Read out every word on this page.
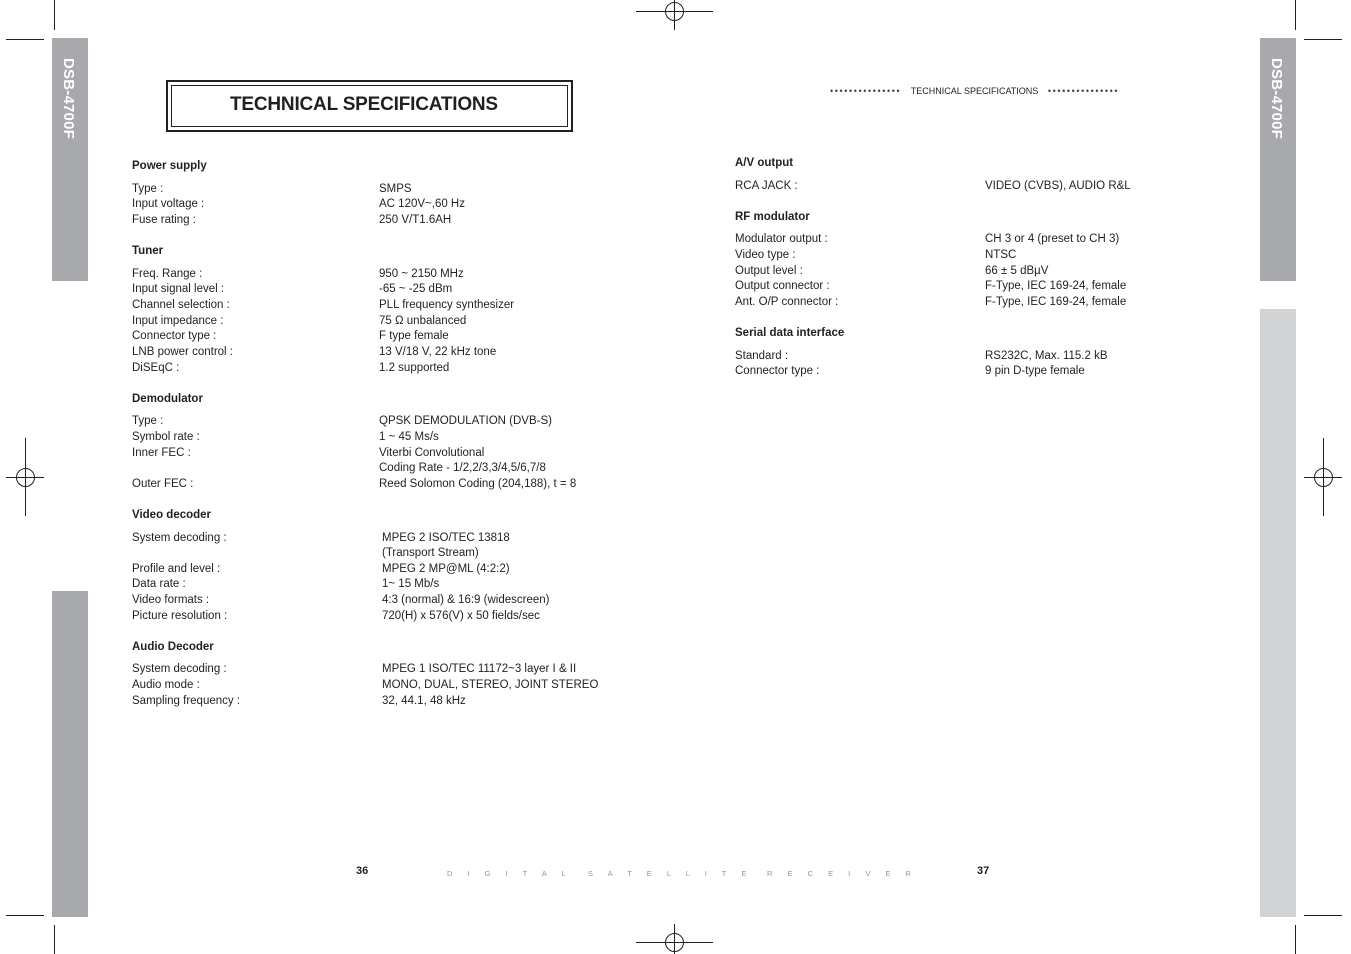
DSB-4700F	DSB-4700F
TECHNICAL SPECIFICATIONS
••••••••••••••• TECHNICAL SPECIFICATIONS •••••••••••••••
Power supply
Type :	SMPS
Input voltage :	AC 120V~,60 Hz
Fuse rating :	250 V/T1.6AH
Tuner
Freq. Range :	950 ~ 2150 MHz
Input signal level :	-65 ~ -25 dBm
Channel selection :	PLL frequency synthesizer
Input impedance :	75 Ω unbalanced
Connector type :	F type female
LNB power control :	13 V/18 V, 22 kHz tone
DiSEqC :	1.2 supported
Demodulator
Type :	QPSK DEMODULATION (DVB-S)
Symbol rate :	1 ~ 45 Ms/s
Inner FEC :	Viterbi Convolutional
Coding Rate - 1/2,2/3,3/4,5/6,7/8
Outer FEC :	Reed Solomon Coding (204,188), t = 8
Video decoder
System decoding :	MPEG 2 ISO/TEC 13818
(Transport Stream)
Profile and level :	MPEG 2 MP@ML (4:2:2)
Data rate :	1~ 15 Mb/s
Video formats :	4:3 (normal) & 16:9 (widescreen)
Picture resolution :	720(H) x 576(V) x 50 fields/sec
Audio Decoder
System decoding :	MPEG 1 ISO/TEC 11172~3 layer I & II
Audio mode :	MONO, DUAL, STEREO, JOINT STEREO
Sampling frequency :	32, 44.1, 48 kHz
A/V output
RCA JACK :	VIDEO (CVBS), AUDIO R&L
RF modulator
Modulator output :	CH 3 or 4 (preset to CH 3)
Video type :	NTSC
Output level :	66 ± 5 dBµV
Output connector :	F-Type, IEC 169-24, female
Ant. O/P connector :	F-Type, IEC 169-24, female
Serial data interface
Standard :	RS232C, Max. 115.2 kB
Connector type :	9 pin D-type female
36	D I G I T A L	S A T E L L I T E	R E C E I V E R	37
